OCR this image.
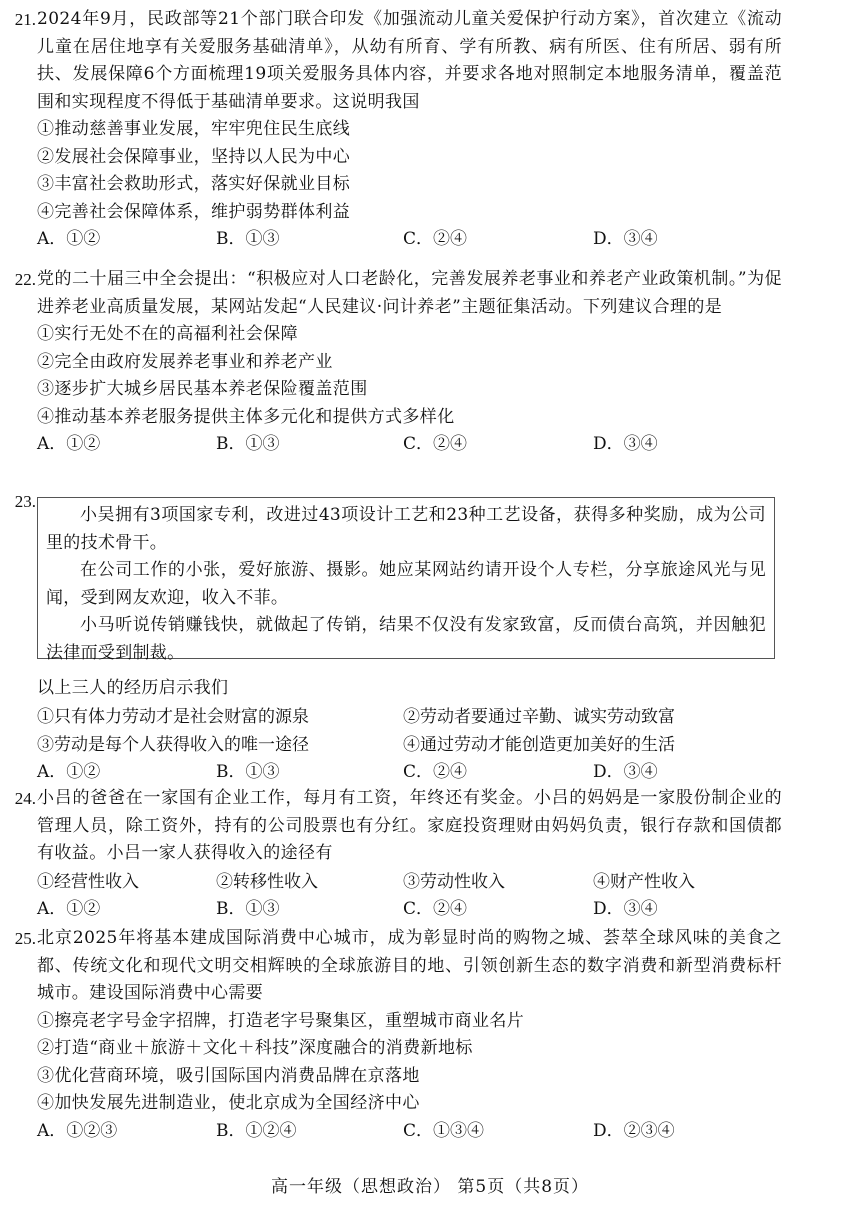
21. 2024年9月，民政部等21个部门联合印发《加强流动儿童关爱保护行动方案》，首次建立《流动儿童在居住地享有关爱服务基础清单》，从幼有所育、学有所教、病有所医、住有所居、弱有所扶、发展保障6个方面梳理19项关爱服务具体内容，并要求各地对照制定本地服务清单，覆盖范围和实现程度不得低于基础清单要求。这说明我国
①推动慈善事业发展，牢牢兜住民生底线
②发展社会保障事业，坚持以人民为中心
③丰富社会救助形式，落实好保就业目标
④完善社会保障体系，维护弱势群体利益
A．①②	B．①③	C．②④	D．③④
22. 党的二十届三中全会提出：“积极应对人口老龄化，完善发展养老事业和养老产业政策机制。”为促进养老业高质量发展，某网站发起“人民建议·问计养老”主题征集活动。下列建议合理的是
①实行无处不在的高福利社会保障
②完全由政府发展养老事业和养老产业
③逐步扩大城乡居民基本养老保险覆盖范围
④推动基本养老服务提供主体多元化和提供方式多样化
A．①②	B．①③	C．②④	D．③④
23.

小吴拥有3项国家专利，改进过43项设计工艺和23种工艺设备，获得多种奖励，成为公司里的技术骨干。

在公司工作的小张，爱好旅游、摄影。她应某网站约请开设个人专栏，分享旅途风光与见闻，受到网友欢迎，收入不菲。

小马听说传销赚钱快，就做起了传销，结果不仅没有发家致富，反而债台高筑，并因触犯法律而受到制裁。

以上三人的经历启示我们
①只有体力劳动才是社会财富的源泉	②劳动者要通过辛勤、诚实劳动致富
③劳动是每个人获得收入的唯一途径	④通过劳动才能创造更加美好的生活
A．①②	B．①③	C．②④	D．③④
24. 小吕的爸爸在一家国有企业工作，每月有工资，年终还有奖金。小吕的妈妈是一家股份制企业的管理人员，除工资外，持有的公司股票也有分红。家庭投资理财由妈妈负责，银行存款和国债都有收益。小吕一家人获得收入的途径有
①经营性收入	②转移性收入	③劳动性收入	④财产性收入
A．①②	B．①③	C．②④	D．③④
25. 北京2025年将基本建成国际消费中心城市，成为彰显时尚的购物之城、荟萃全球风味的美食之都、传统文化和现代文明交相辉映的全球旅游目的地、引领创新生态的数字消费和新型消费标杆城市。建设国际消费中心需要
①擦亮老字号金字招牌，打造老字号聚集区，重塑城市商业名片
②打造“商业＋旅游＋文化＋科技”深度融合的消费新地标
③优化营商环境，吸引国际国内消费品牌在京落地
④加快发展先进制造业，使北京成为全国经济中心
A．①②③	B．①②④	C．①③④	D．②③④
高一年级（思想政治） 第5页（共8页）
